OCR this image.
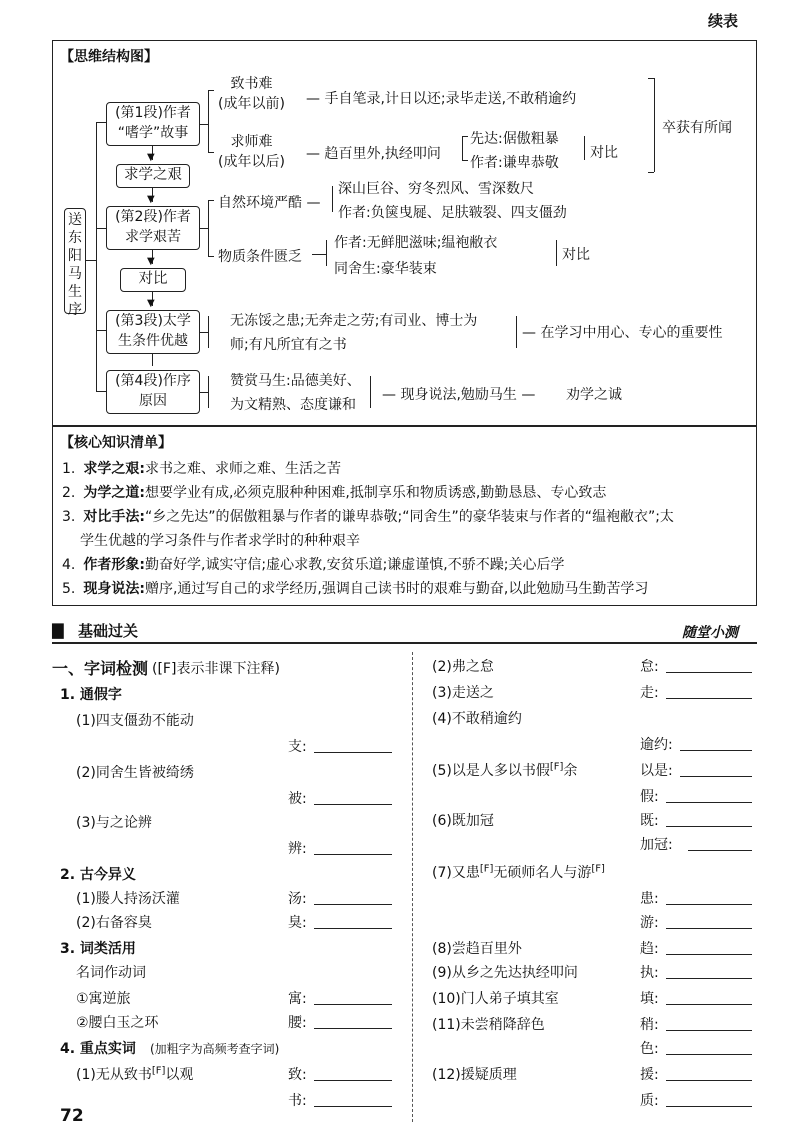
续表
【思维结构图】
送东阳马生序
(第1段)作者
“嗜学”故事
致书难
(成年以前) — 手自笔录,计日以还;录毕走送,不敢稍逾约
求师难
(成年以后) — 趋百里外,执经叩问
先达:倨傲粗暴
作者:谦卑恭敬
对比
卒获有所闻
▼
求学之艰
▼
(第2段)作者
求学艰苦
自然环境严酷 —
深山巨谷、穷冬烈风、雪深数尺
作者:负箧曳屣、足肤皲裂、四支僵劲
物质条件匮乏
作者:无鲜肥滋味;缊袍敝衣
同舍生:豪华装束
对比
▼
对比
▼
(第3段)太学
生条件优越
无冻馁之患;无奔走之劳;有司业、博士为
师;有凡所宜有之书
— 在学习中用心、专心的重要性
(第4段)作序
原因
赞赏马生:品德美好、
为文精熟、态度谦和
— 现身说法,勉励马生 — 劝学之诚
【核心知识清单】
1. 求学之艰:求书之难、求师之难、生活之苦
2. 为学之道:想要学业有成,必须克服种种困难,抵制享乐和物质诱惑,勤勤恳恳、专心致志
3. 对比手法:“乡之先达”的倨傲粗暴与作者的谦卑恭敬;“同舍生”的豪华装束与作者的“缊袍敝衣”;太
学生优越的学习条件与作者求学时的种种艰辛
4. 作者形象:勤奋好学,诚实守信;虚心求教,安贫乐道;谦虚谨慎,不骄不躁;关心后学
5. 现身说法:赠序,通过写自己的求学经历,强调自己读书时的艰难与勤奋,以此勉励马生勤苦学习
▇ 基础过关	随堂小测
一、字词检测 ([F]表示非课下注释)
1. 通假字
(1)四支僵劲不能动
支:
(2)同舍生皆被绮绣
被:
(3)与之论辨
辨:
2. 古今异义
(1)媵人持汤沃灌	汤:
(2)右备容臭	臭:
3. 词类活用
名词作动词
①寓逆旅	寓:
②腰白玉之环	腰:
4. 重点实词 (加粗字为高频考查字词)
(1)无从致书[F]以观	致:
书:
72
(2)弗之怠	怠:
(3)走送之	走:
(4)不敢稍逾约
逾约:
(5)以是人多以书假[F]余	以是:
假:
(6)既加冠	既:
加冠:
(7)又患[F]无硕师名人与游[F]
患:
游:
(8)尝趋百里外	趋:
(9)从乡之先达执经叩问	执:
(10)门人弟子填其室	填:
(11)未尝稍降辞色	稍:
色:
(12)援疑质理	援:
质:
